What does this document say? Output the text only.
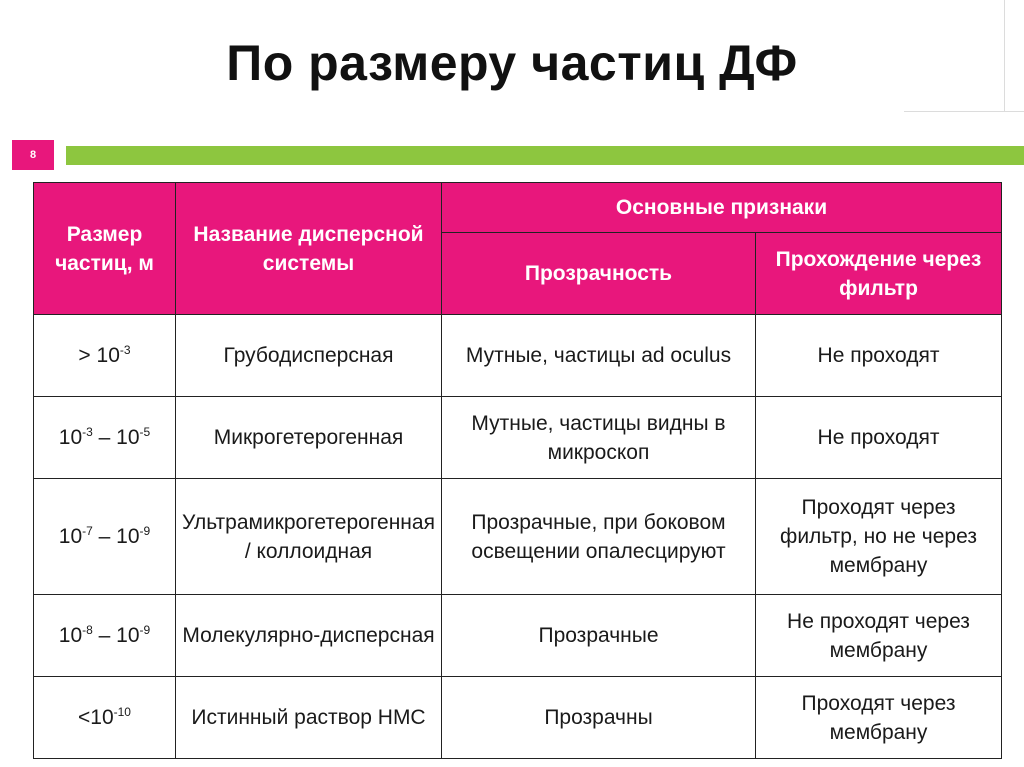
По размеру частиц ДФ
8
Размер частиц, м	Название дисперсной системы	Основные признаки	
		Прозрачность	Прохождение через фильтр
> $10^{-3}$	Грубодисперсная	Мутные, частицы ad oculus	Не проходят
$10^{-3} - 10^{-5}$	Микрогетерогенная	Мутные, частицы видны в микроскоп	Не проходят
$10^{-7} - 10^{-9}$	Ультрамикрогетерогенная / коллоидная	Прозрачные, при боковом освещении опалесцируют	Проходят через фильтр, но не через мембрану
$10^{-8} - 10^{-9}$	Молекулярно-дисперсная	Прозрачные	Не проходят через мембрану
$<10^{-10}$	Истинный раствор НМС	Прозрачны	Проходят через мембрану
